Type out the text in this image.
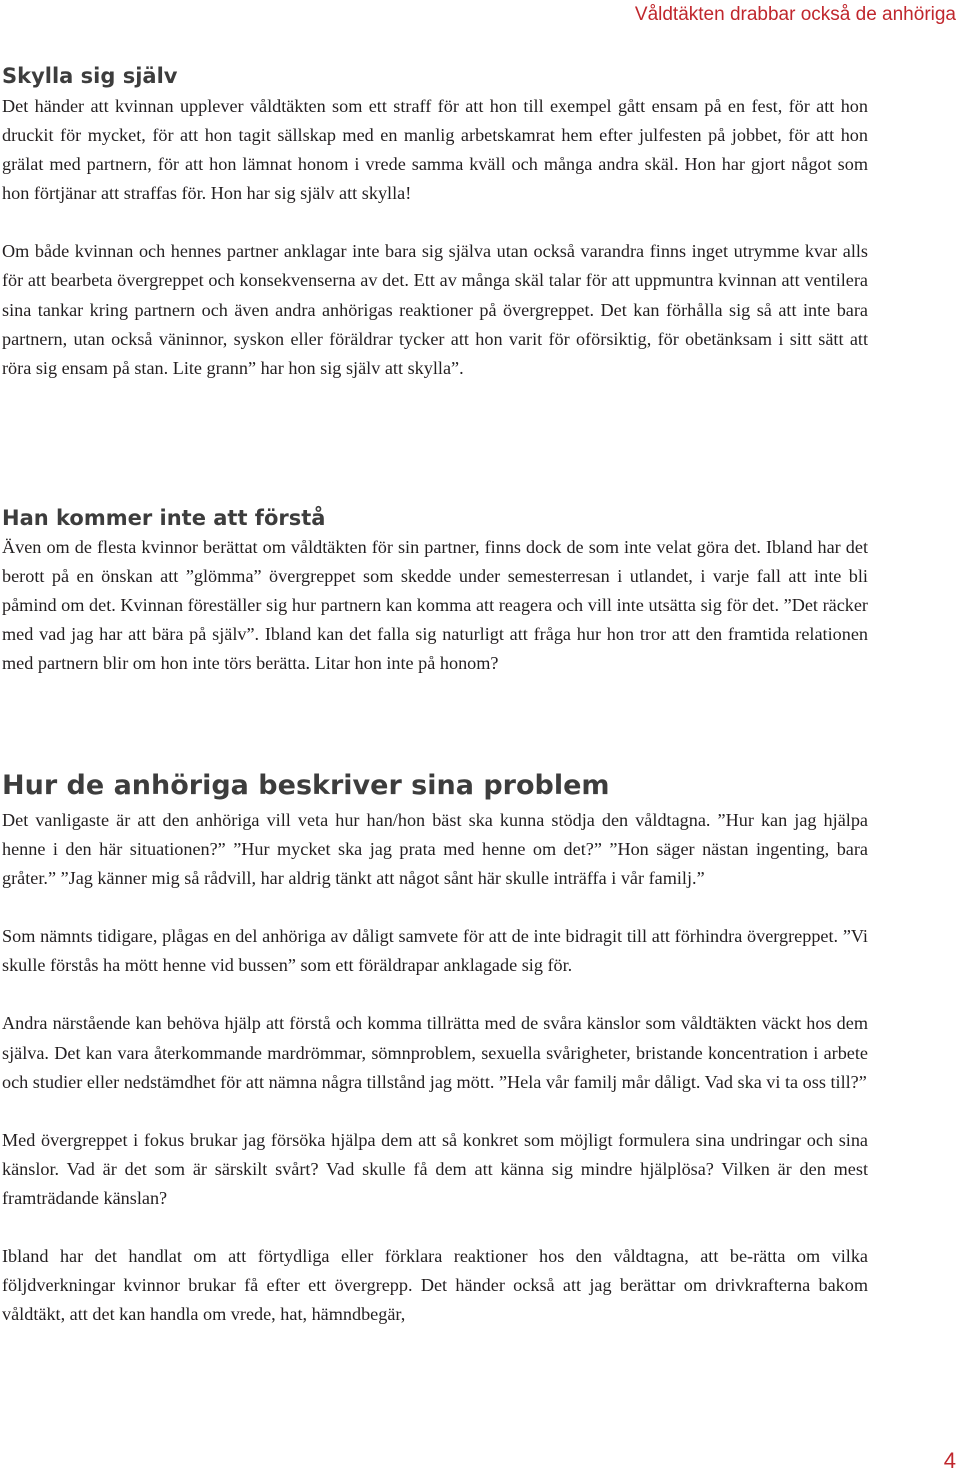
Våldtäkten drabbar också de anhöriga
Skylla sig själv

Det händer att kvinnan upplever våldtäkten som ett straff för att hon till exempel gått ensam på en fest, för att hon druckit för mycket, för att hon tagit sällskap med en manlig arbetskamrat hem efter julfesten på jobbet, för att hon grälat med partnern, för att hon lämnat honom i vrede samma kväll och många andra skäl. Hon har gjort något som hon förtjänar att straffas för. Hon har sig själv att skylla!

Om både kvinnan och hennes partner anklagar inte bara sig själva utan också varandra finns inget utrymme kvar alls för att bearbeta övergreppet och konsekvenserna av det. Ett av många skäl talar för att uppmuntra kvinnan att ventilera sina tankar kring partnern och även andra anhörigas reaktioner på övergreppet. Det kan förhålla sig så att inte bara partnern, utan också väninnor, syskon eller föräldrar tycker att hon varit för oförsiktig, för obetänksam i sitt sätt att röra sig ensam på stan. Lite grann” har hon sig själv att skylla”.

Han kommer inte att förstå

Även om de flesta kvinnor berättat om våldtäkten för sin partner, finns dock de som inte velat göra det. Ibland har det berott på en önskan att ”glömma” övergreppet som skedde under semesterresan i utlandet, i varje fall att inte bli påmind om det. Kvinnan föreställer sig hur partnern kan komma att reagera och vill inte utsätta sig för det. ”Det räcker med vad jag har att bära på själv”. Ibland kan det falla sig naturligt att fråga hur hon tror att den framtida relationen med partnern blir om hon inte törs berätta. Litar hon inte på honom?

Hur de anhöriga beskriver sina problem

Det vanligaste är att den anhöriga vill veta hur han/hon bäst ska kunna stödja den våldtagna. ”Hur kan jag hjälpa henne i den här situationen?” ”Hur mycket ska jag prata med henne om det?” ”Hon säger nästan ingenting, bara gråter.” ”Jag känner mig så rådvill, har aldrig tänkt att något sånt här skulle inträffa i vår familj.”

Som nämnts tidigare, plågas en del anhöriga av dåligt samvete för att de inte bidragit till att förhindra övergreppet. ”Vi skulle förstås ha mött henne vid bussen” som ett föräldrapar anklagade sig för.

Andra närstående kan behöva hjälp att förstå och komma tillrätta med de svåra känslor som våldtäkten väckt hos dem själva. Det kan vara återkommande mardrömmar, sömnproblem, sexuella svårigheter, bristande koncentration i arbete och studier eller nedstämdhet för att nämna några tillstånd jag mött. ”Hela vår familj mår dåligt. Vad ska vi ta oss till?”

Med övergreppet i fokus brukar jag försöka hjälpa dem att så konkret som möjligt formulera sina undringar och sina känslor. Vad är det som är särskilt svårt? Vad skulle få dem att känna sig mindre hjälplösa? Vilken är den mest framträdande känslan?

Ibland har det handlat om att förtydliga eller förklara reaktioner hos den våldtagna, att be-rätta om vilka följdverkningar kvinnor brukar få efter ett övergrepp. Det händer också att jag berättar om drivkrafterna bakom våldtäkt, att det kan handla om vrede, hat, hämndbegär,

4
